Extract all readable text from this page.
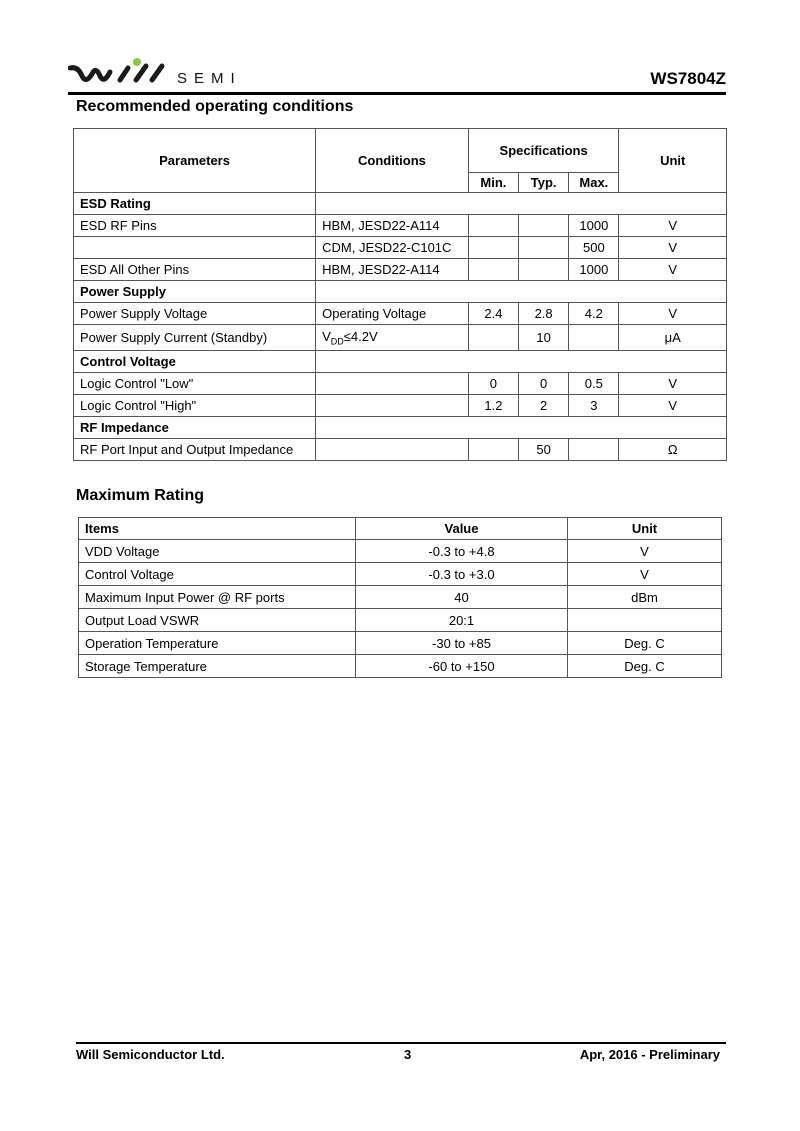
SEMI	WS7804Z
Recommended operating conditions
Parameters	Conditions	Specifications			Unit
		Min.	Typ.	Max.	
ESD Rating					
ESD RF Pins	HBM, JESD22-A114			1000	V
	CDM, JESD22-C101C			500	V
ESD All Other Pins	HBM, JESD22-A114			1000	V
Power Supply					
Power Supply Voltage	Operating Voltage	2.4	2.8	4.2	V
Power Supply Current (Standby)	$V_{DD}\le 4.2V$		10		μA
Control Voltage					
Logic Control "Low"		0	0	0.5	V
Logic Control "High"		1.2	2	3	V
RF Impedance					
RF Port Input and Output Impedance			50		Ω
Maximum Rating
Items	Value	Unit
VDD Voltage	-0.3 to +4.8	V
Control Voltage	-0.3 to +3.0	V
Maximum Input Power @ RF ports	40	dBm
Output Load VSWR	20:1	
Operation Temperature	-30 to +85	Deg. C
Storage Temperature	-60 to +150	Deg. C
Will Semiconductor Ltd.	3	Apr, 2016 - Preliminary
